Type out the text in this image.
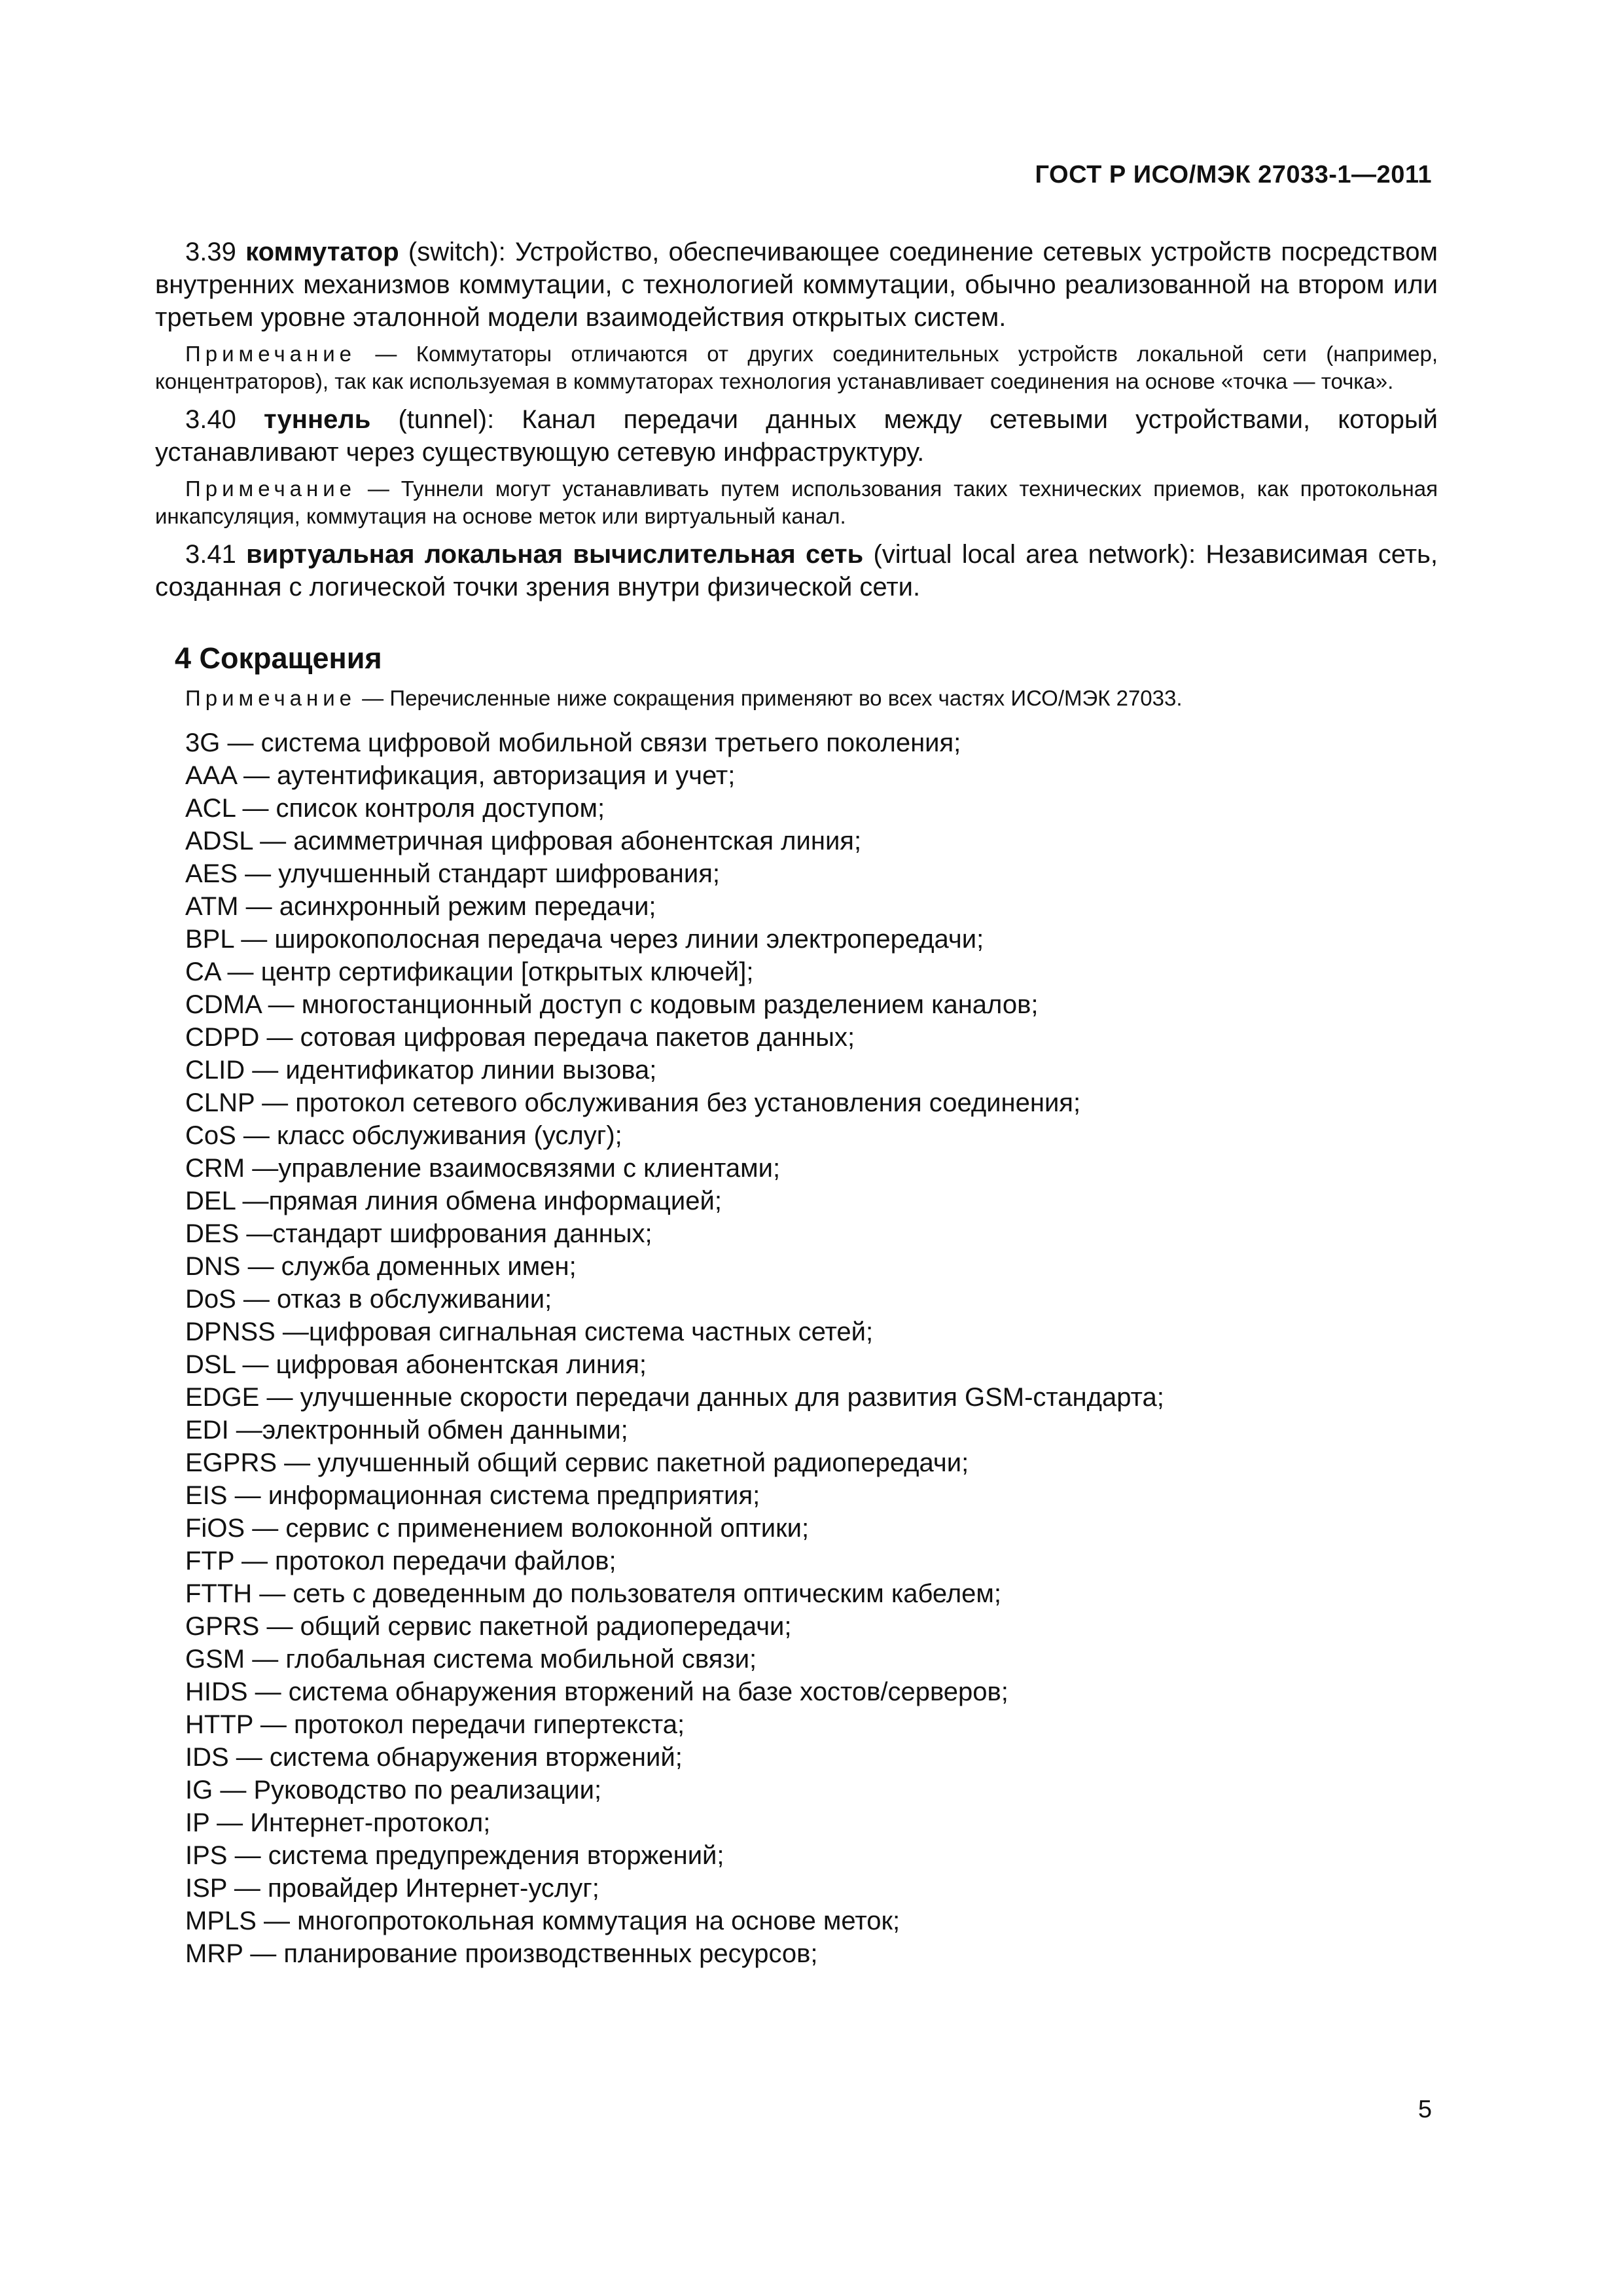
ГОСТ Р ИСО/МЭК 27033-1—2011

3.39 коммутатор (switch): Устройство, обеспечивающее соединение сетевых устройств посредством внутренних механизмов коммутации, с технологией коммутации, обычно реализованной на втором или третьем уровне эталонной модели взаимодействия открытых систем.

Примечание — Коммутаторы отличаются от других соединительных устройств локальной сети (например, концентраторов), так как используемая в коммутаторах технология устанавливает соединения на основе «точка — точка».

3.40 туннель (tunnel): Канал передачи данных между сетевыми устройствами, который устанавливают через существующую сетевую инфраструктуру.

Примечание — Туннели могут устанавливать путем использования таких технических приемов, как протокольная инкапсуляция, коммутация на основе меток или виртуальный канал.

3.41 виртуальная локальная вычислительная сеть (virtual local area network): Независимая сеть, созданная с логической точки зрения внутри физической сети.

4 Сокращения

Примечание — Перечисленные ниже сокращения применяют во всех частях ИСО/МЭК 27033.

3G — система цифровой мобильной связи третьего поколения;
AAA — аутентификация, авторизация и учет;
ACL — список контроля доступом;
ADSL — асимметричная цифровая абонентская линия;
AES — улучшенный стандарт шифрования;
ATM — асинхронный режим передачи;
BPL — широкополосная передача через линии электропередачи;
CA — центр сертификации [открытых ключей];
CDMA — многостанционный доступ с кодовым разделением каналов;
CDPD — сотовая цифровая передача пакетов данных;
CLID — идентификатор линии вызова;
CLNP — протокол сетевого обслуживания без установления соединения;
CoS — класс обслуживания (услуг);
CRM —управление взаимосвязями с клиентами;
DEL —прямая линия обмена информацией;
DES —стандарт шифрования данных;
DNS — служба доменных имен;
DoS — отказ в обслуживании;
DPNSS —цифровая сигнальная система частных сетей;
DSL — цифровая абонентская линия;
EDGE — улучшенные скорости передачи данных для развития GSM-стандарта;
EDI —электронный обмен данными;
EGPRS — улучшенный общий сервис пакетной радиопередачи;
EIS — информационная система предприятия;
FiOS — сервис с применением волоконной оптики;
FTP — протокол передачи файлов;
FTTH — сеть с доведенным до пользователя оптическим кабелем;
GPRS — общий сервис пакетной радиопередачи;
GSM — глобальная система мобильной связи;
HIDS — система обнаружения вторжений на базе хостов/серверов;
HTTP — протокол передачи гипертекста;
IDS — система обнаружения вторжений;
IG — Руководство по реализации;
IP — Интернет-протокол;
IPS — система предупреждения вторжений;
ISP — провайдер Интернет-услуг;
MPLS — многопротокольная коммутация на основе меток;
MRP — планирование производственных ресурсов;
5
